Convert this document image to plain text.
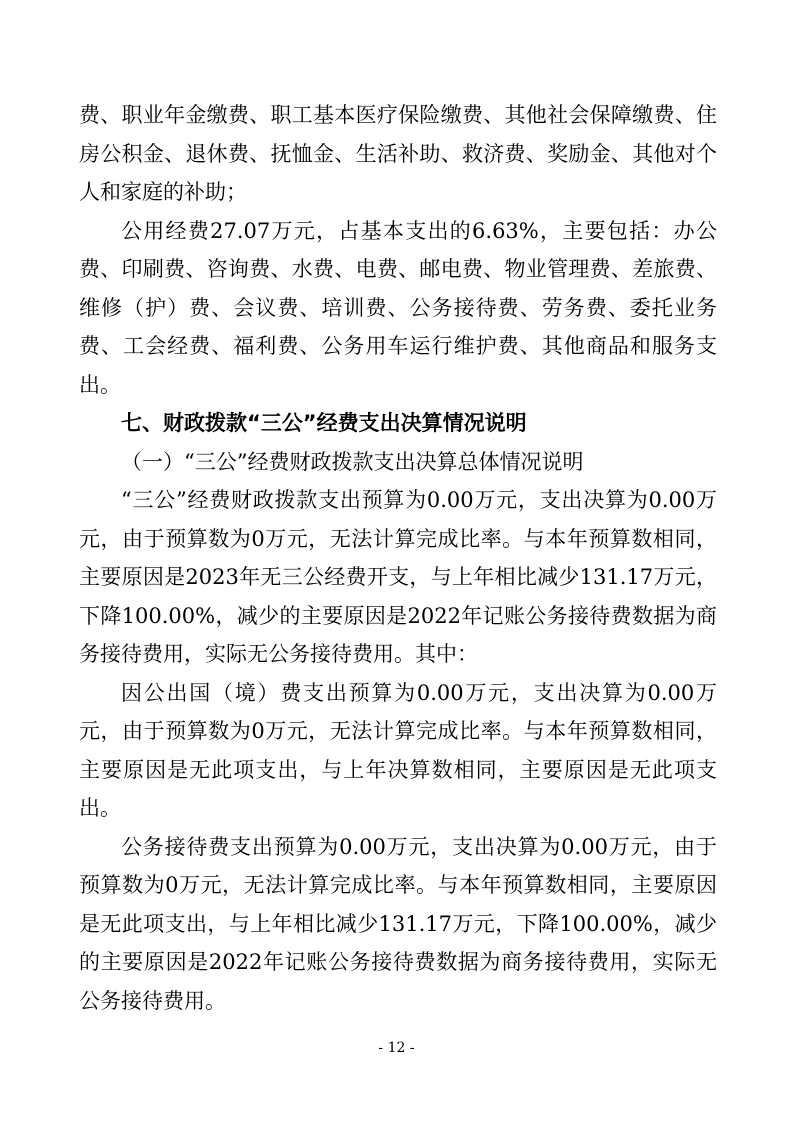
费、职业年金缴费、职工基本医疗保险缴费、其他社会保障缴费、住房公积金、退休费、抚恤金、生活补助、救济费、奖励金、其他对个人和家庭的补助；

公用经费27.07万元，占基本支出的6.63%，主要包括：办公费、印刷费、咨询费、水费、电费、邮电费、物业管理费、差旅费、维修（护）费、会议费、培训费、公务接待费、劳务费、委托业务费、工会经费、福利费、公务用车运行维护费、其他商品和服务支出。

七、财政拨款“三公”经费支出决算情况说明

（一）“三公”经费财政拨款支出决算总体情况说明

“三公”经费财政拨款支出预算为0.00万元，支出决算为0.00万元，由于预算数为0万元，无法计算完成比率。与本年预算数相同，主要原因是2023年无三公经费开支，与上年相比减少131.17万元，下降100.00%，减少的主要原因是2022年记账公务接待费数据为商务接待费用，实际无公务接待费用。其中：

因公出国（境）费支出预算为0.00万元，支出决算为0.00万元，由于预算数为0万元，无法计算完成比率。与本年预算数相同，主要原因是无此项支出，与上年决算数相同，主要原因是无此项支出。

公务接待费支出预算为0.00万元，支出决算为0.00万元，由于预算数为0万元，无法计算完成比率。与本年预算数相同，主要原因是无此项支出，与上年相比减少131.17万元，下降100.00%，减少的主要原因是2022年记账公务接待费数据为商务接待费用，实际无公务接待费用。

- 12 -
